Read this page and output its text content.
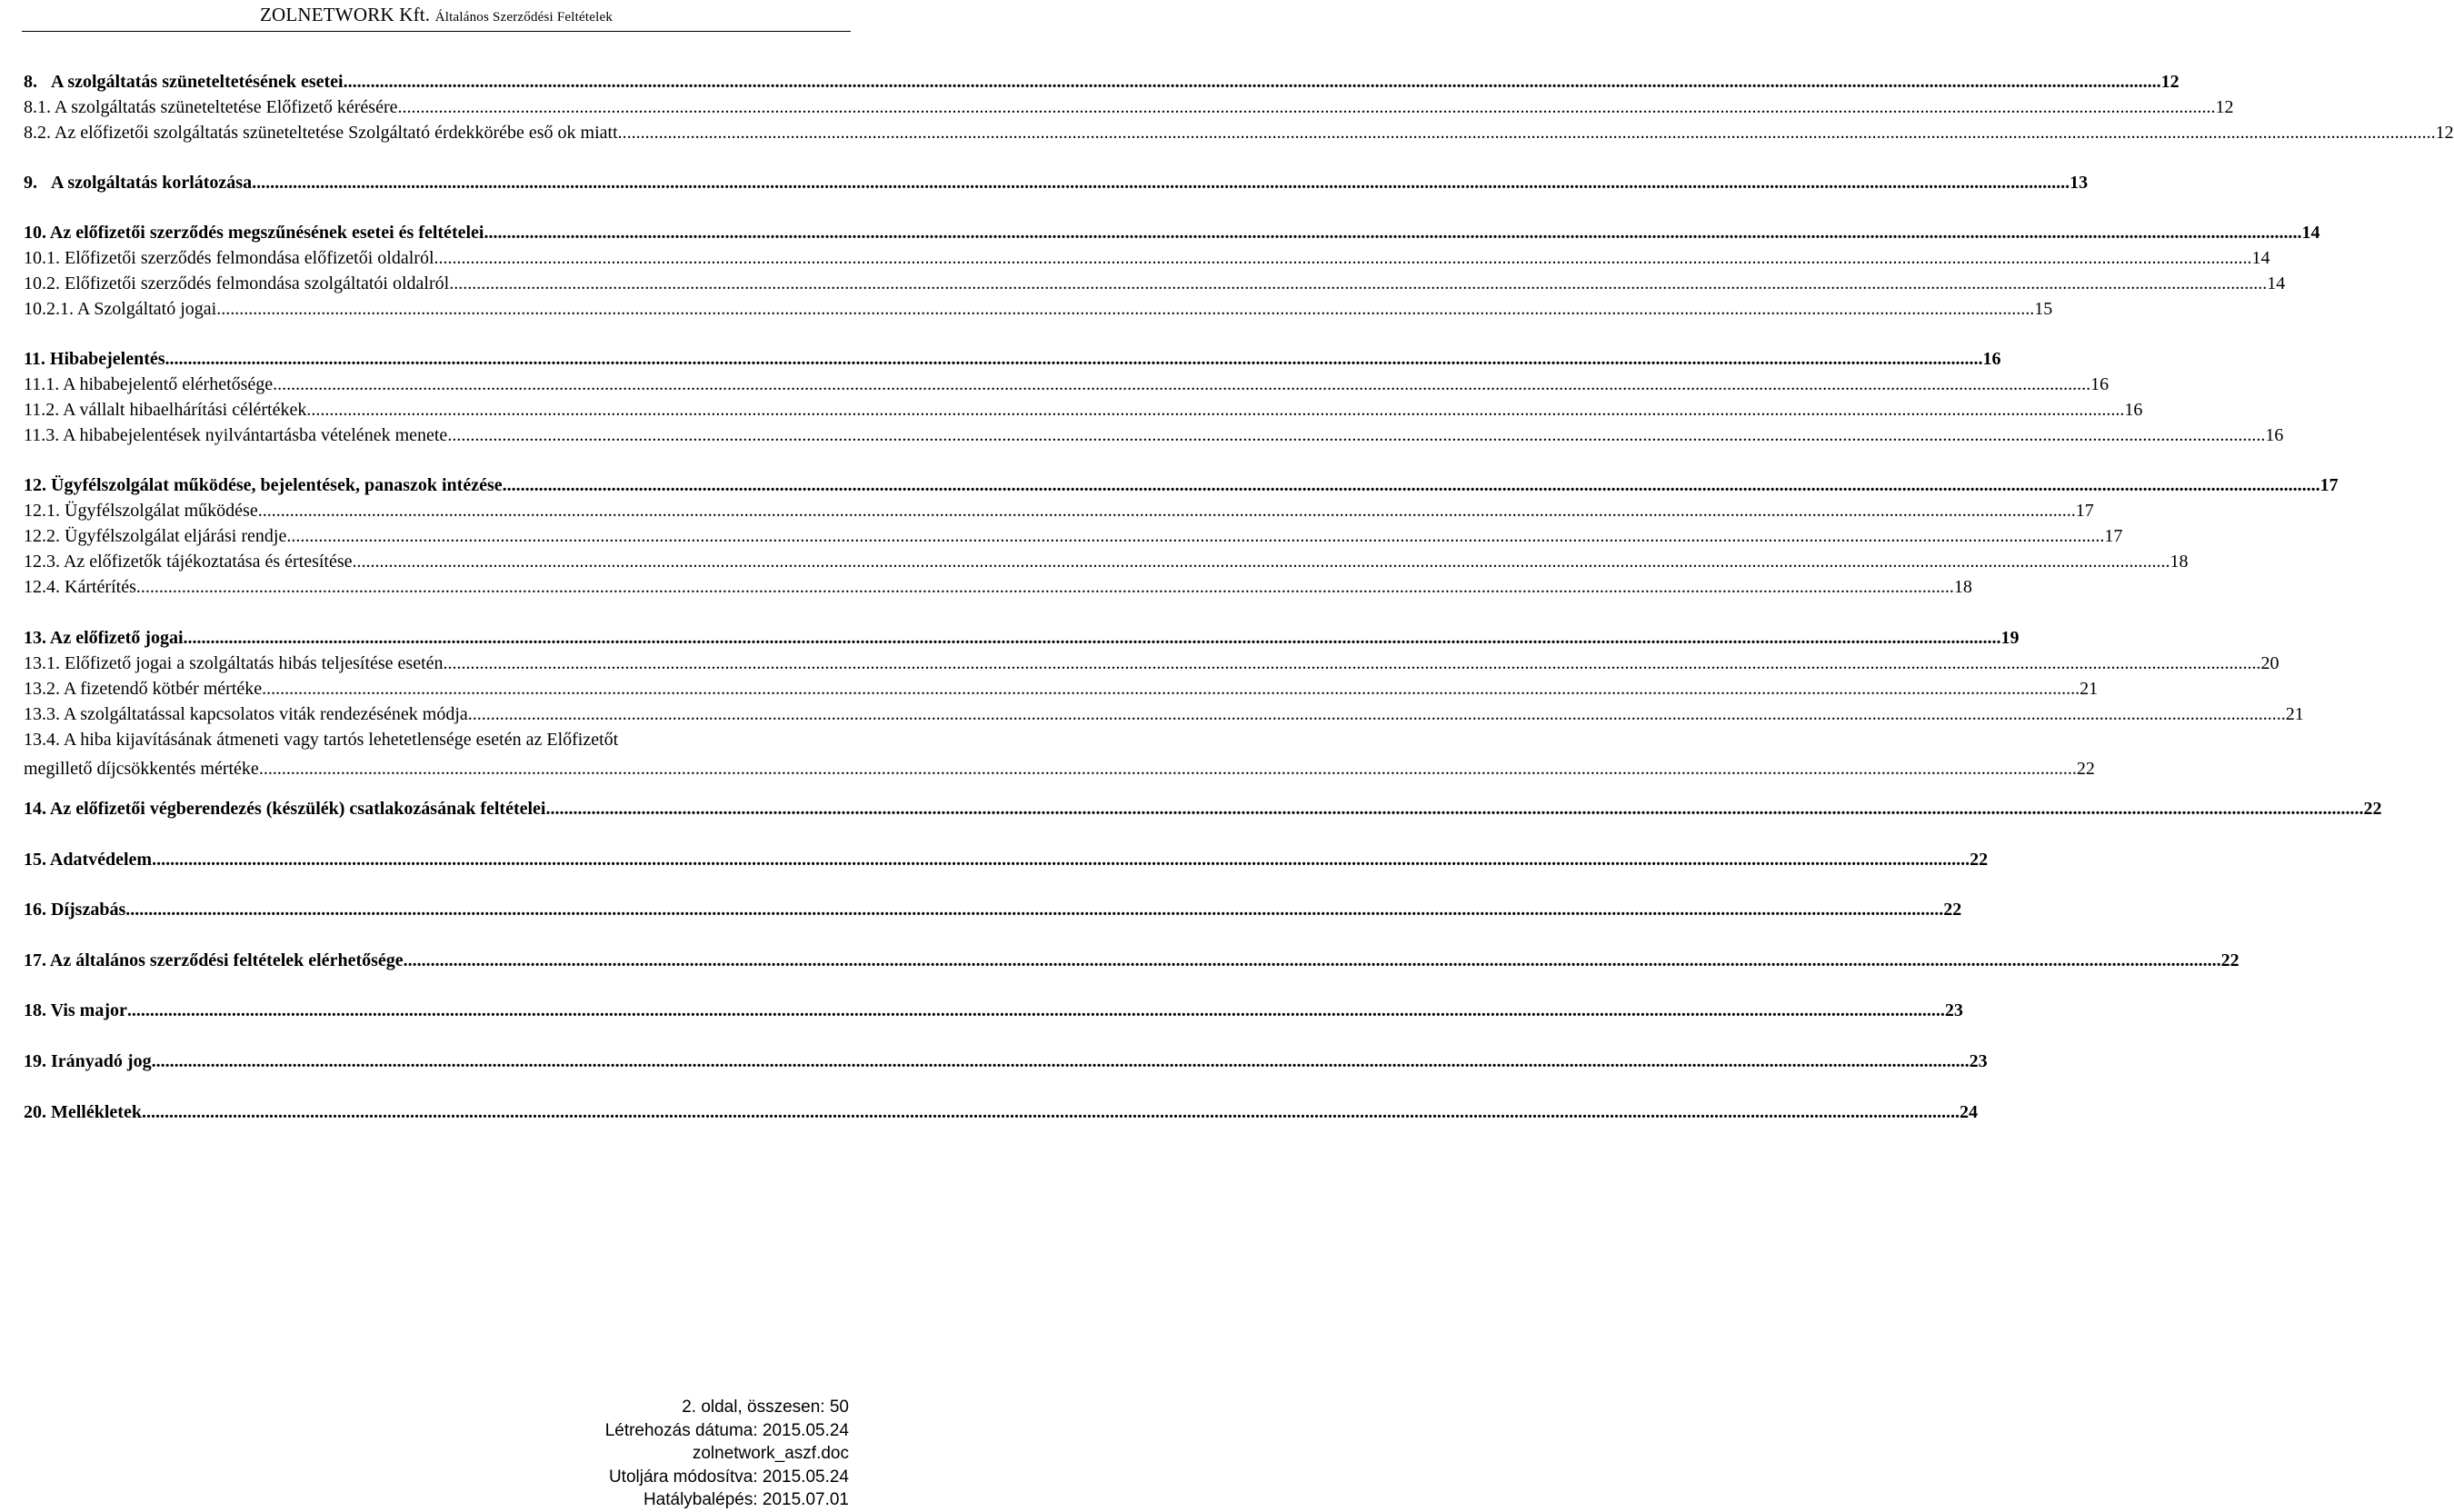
ZOLNETWORK Kft. Általános Szerződési Feltételek
8.   A szolgáltatás szüneteltetésének esetei ................................................................................................................................................................................................................................................................................................................................................................................................................ 12
8.1. A szolgáltatás szüneteltetése Előfizető kérésére ................................................................................................................................................................................................................................................................................................................................................................................................................ 12
8.2. Az előfizetői szolgáltatás szüneteltetése Szolgáltató érdekkörébe eső ok miatt ................................................................................................................................................................................................................................................................................................................................................................................................................ 12
9.   A szolgáltatás korlátozása ................................................................................................................................................................................................................................................................................................................................................................................................................ 13
10. Az előfizetői szerződés megszűnésének esetei és feltételei ................................................................................................................................................................................................................................................................................................................................................................................................................ 14
10.1. Előfizetői szerződés felmondása előfizetői oldalról ................................................................................................................................................................................................................................................................................................................................................................................................................ 14
10.2. Előfizetői szerződés felmondása szolgáltatói oldalról ................................................................................................................................................................................................................................................................................................................................................................................................................ 14
10.2.1. A Szolgáltató jogai ................................................................................................................................................................................................................................................................................................................................................................................................................ 15
11. Hibabejelentés ................................................................................................................................................................................................................................................................................................................................................................................................................ 16
11.1. A hibabejelentő elérhetősége ................................................................................................................................................................................................................................................................................................................................................................................................................ 16
11.2. A vállalt hibaelhárítási célértékek ................................................................................................................................................................................................................................................................................................................................................................................................................ 16
11.3. A hibabejelentések nyilvántartásba vételének menete ................................................................................................................................................................................................................................................................................................................................................................................................................ 16
12. Ügyfélszolgálat működése, bejelentések, panaszok intézése ................................................................................................................................................................................................................................................................................................................................................................................................................ 17
12.1. Ügyfélszolgálat működése ................................................................................................................................................................................................................................................................................................................................................................................................................ 17
12.2. Ügyfélszolgálat eljárási rendje ................................................................................................................................................................................................................................................................................................................................................................................................................ 17
12.3. Az előfizetők tájékoztatása és értesítése ................................................................................................................................................................................................................................................................................................................................................................................................................ 18
12.4. Kártérítés ................................................................................................................................................................................................................................................................................................................................................................................................................ 18
13. Az előfizető jogai ................................................................................................................................................................................................................................................................................................................................................................................................................ 19
13.1. Előfizető jogai a szolgáltatás hibás teljesítése esetén ................................................................................................................................................................................................................................................................................................................................................................................................................ 20
13.2. A fizetendő kötbér mértéke ................................................................................................................................................................................................................................................................................................................................................................................................................ 21
13.3. A szolgáltatással kapcsolatos viták rendezésének módja ................................................................................................................................................................................................................................................................................................................................................................................................................ 21
13.4. A hiba kijavításának átmeneti vagy tartós lehetetlensége esetén az Előfizetőt
megillető díjcsökkentés mértéke ................................................................................................................................................................................................................................................................................................................................................................................................................ 22
14. Az előfizetői végberendezés (készülék) csatlakozásának feltételei ................................................................................................................................................................................................................................................................................................................................................................................................................ 22
15. Adatvédelem ................................................................................................................................................................................................................................................................................................................................................................................................................ 22
16. Díjszabás ................................................................................................................................................................................................................................................................................................................................................................................................................ 22
17. Az általános szerződési feltételek elérhetősége ................................................................................................................................................................................................................................................................................................................................................................................................................ 22
18. Vis major ................................................................................................................................................................................................................................................................................................................................................................................................................ 23
19. Irányadó jog ................................................................................................................................................................................................................................................................................................................................................................................................................ 23
20. Mellékletek ................................................................................................................................................................................................................................................................................................................................................................................................................ 24
2. oldal, összesen: 50
Létrehozás dátuma: 2015.05.24
zolnetwork_aszf.doc
Utoljára módosítva: 2015.05.24
Hatálybalépés: 2015.07.01
